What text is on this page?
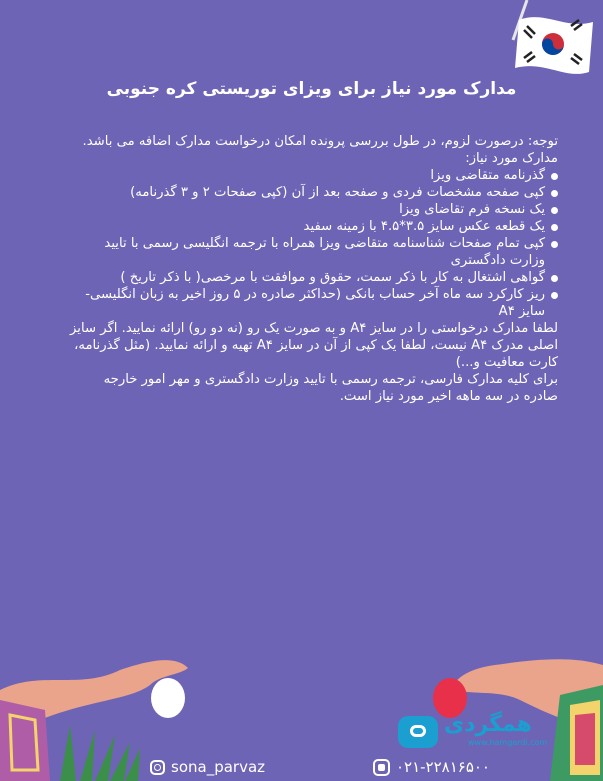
مدارک مورد نیاز برای ویزای توریستی کره جنوبی

توجه: درصورت لزوم، در طول بررسی پرونده امکان درخواست مدارک اضافه می باشد.

مدارک مورد نیاز:

گذرنامه متقاضی ویزا
کپی صفحه مشخصات فردی و صفحه بعد از آن (کپی صفحات ۲ و ۳ گذرنامه)
یک نسخه فرم تقاضای ویزا
یک قطعه عکس سایز ۳.۵*۴.۵ با زمینه سفید
کپی تمام صفحات شناسنامه متقاضی ویزا همراه با ترجمه انگلیسی رسمی با تایید وزارت دادگستری
گواهی اشتغال به کار با ذکر سمت، حقوق و موافقت با مرخصی( با ذکر تاریخ )
ریز کارکرد سه ماه آخر حساب بانکی (حداکثر صادره در ۵ روز اخیر به زبان انگلیسی- سایز A۴

لطفا مدارک درخواستی را در سایز A۴ و به صورت یک رو (نه دو رو) ارائه نمایید. اگر سایز اصلی مدرک A۴ نیست، لطفا یک کپی از آن در سایز A۴ تهیه و ارائه نمایید. (مثل گذرنامه، کارت معافیت و...)

برای کلیه مدارک فارسی، ترجمه رسمی با تایید وزارت دادگستری و مهر امور خارجه صادره در سه ماهه اخیر مورد نیاز است.

همگردی
www.hamgardi.com
sona_parvaz	۰۲۱-۲۲۸۱۶۵۰۰
